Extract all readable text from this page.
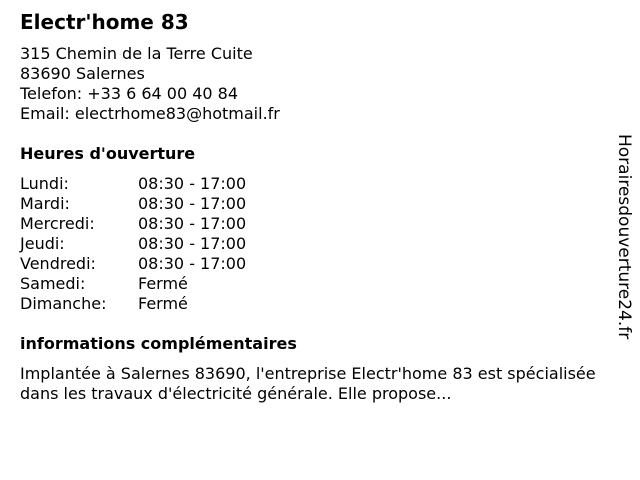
Electr'home 83
315 Chemin de la Terre Cuite
83690 Salernes
Telefon: +33 6 64 00 40 84
Email: electrhome83@hotmail.fr
Heures d'ouverture
Lundi:	08:30 - 17:00
Mardi:	08:30 - 17:00
Mercredi:	08:30 - 17:00
Jeudi:	08:30 - 17:00
Vendredi:	08:30 - 17:00
Samedi:	Fermé
Dimanche:	Fermé
informations complémentaires
Implantée à Salernes 83690, l'entreprise Electr'home 83 est spécialisée dans les travaux d'électricité générale. Elle propose...
Horairesdouverture24.fr
